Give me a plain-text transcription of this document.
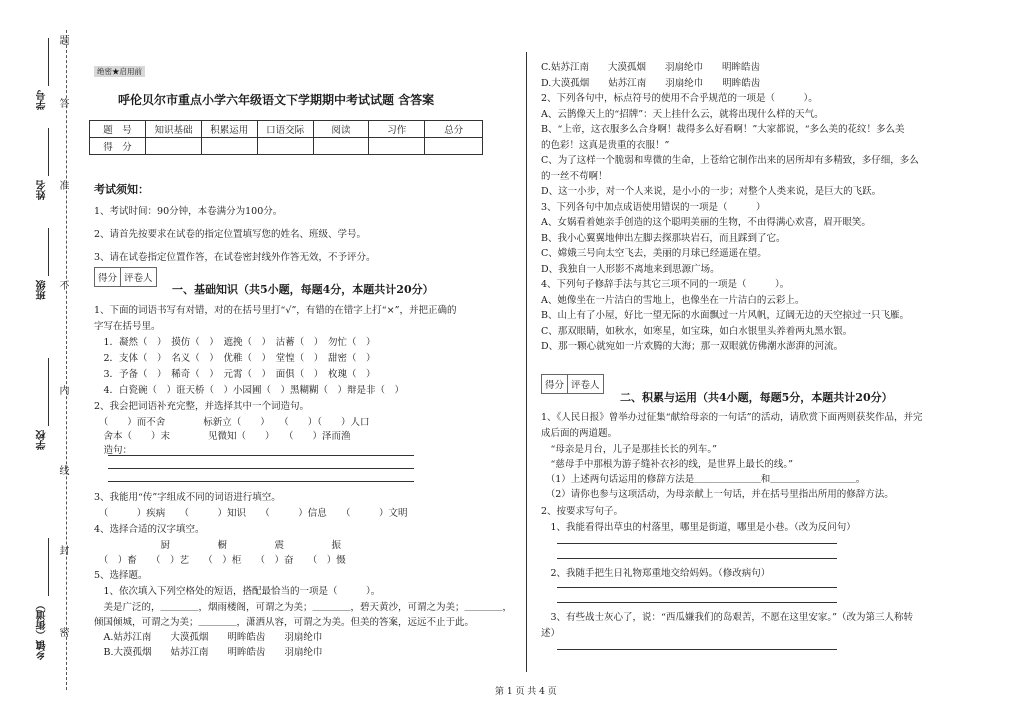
题
答
准
不
内
线
封
密
学号
姓名
班级
学校
乡镇（街道）
绝密★启用前
呼伦贝尔市重点小学六年级语文下学期期中考试试题 含答案
题　号	知识基础	积累运用	口语交际	阅读	习作	总分
得　分						
考试须知：
1、考试时间：90分钟，本卷满分为100分。
2、请首先按要求在试卷的指定位置填写您的姓名、班级、学号。
3、请在试卷指定位置作答，在试卷密封线外作答无效，不予评分。
得分 评卷人
一、基础知识（共5小题，每题4分，本题共计20分）
1、下面的词语书写有对错，对的在括号里打“√”，有错的在错字上打“×”，并把正确的
字写在括号里。
　1．凝然（　）　摸仿（　）　遮挽（　）　沽蓄（　）　勿忙（　）
　2．支体（　）　名义（　）　优稚（　）　堂惶（　）　甜密（　）
　3．予备（　）　稀奇（　）　元霄（　）　面俱（　）　枚瑰（　）
　4．白瓷碗（　）诳天桥（　）小园圃（　）黑糊糊（　）辩是非（　）
2、我会把词语补充完整，并选择其中一个词造句。
　（　　）而不舍　　　　标新立（　　）　　（　　）（　　）人口
　舍本（　　）末　　　　见微知（　　）　　（　　）泽而渔
　造句：
3、我能用“传”字组成不同的词语进行填空。
　（　　　）疾病　　（　　　）知识　　（　　　）信息　　（　　　）文明
4、选择合适的汉字填空。
　　　　　　　厨　　　　　橱　　　　　震　　　　　振
　（　）畜　　（　）艺　　（　）柜　　（　）奋　　（　）慑
5、选择题。
　1、依次填入下列空格处的短语，搭配最恰当的一项是（　　　）。
　美是广泛的，＿＿＿＿，烟雨楼阁，可谓之为美；＿＿＿＿，碧天黄沙，可谓之为美；＿＿＿＿，
倾国倾城，可谓之为美；＿＿＿＿，潇洒从容，可谓之为美。但美的答案，远远不止于此。
　A.姑苏江南　　大漠孤烟　　明眸皓齿　　羽扇纶巾
　B.大漠孤烟　　姑苏江南　　明眸皓齿　　羽扇纶巾
C.姑苏江南　　大漠孤烟　　羽扇纶巾　　明眸皓齿
D.大漠孤烟　　姑苏江南　　羽扇纶巾　　明眸皓齿
2、下列各句中，标点符号的使用不合乎规范的一项是（　　　）。
A、云鹊像天上的“招牌”：天上挂什么云，就将出现什么样的天气。
B、“上帝，这衣服多么合身啊！裁得多么好看啊！”大家都说，“多么美的花纹！多么美
的色彩！这真是贵重的衣服！”
C、为了这样一个脆弱和卑微的生命，上苍给它制作出来的居所却有多精致，多仔细，多么
的一丝不苟啊！
D、这一小步，对一个人来说，是小小的一步；对整个人类来说，是巨大的飞跃。
3、下列各句中加点成语使用错误的一项是（　　　）
A、女娲看着她亲手创造的这个聪明美丽的生物，不由得满心欢喜，眉开眼笑。
B、我小心翼翼地伸出左脚去探那块岩石，而且踩到了它。
C、嫦娥三号向太空飞去，美丽的月球已经遥遥在望。
D、我独自一人形影不离地来到思源广场。
4、下列句子修辞手法与其它三项不同的一项是（　　　）。
A、她像坐在一片洁白的雪地上，也像坐在一片洁白的云彩上。
B、山上有了小屋，好比一望无际的水面飘过一片风帆，辽阔无边的天空掠过一只飞雁。
C、那双眼睛，如秋水，如寒星，如宝珠，如白水银里头养着两丸黑水银。
D、那一颗心就宛如一片欢腾的大海；那一双眼就仿佛潮水澎湃的河流。
得分 评卷人
二、积累与运用（共4小题，每题5分，本题共计20分）
1、《人民日报》曾举办过征集“献给母亲的一句话”的活动，请欣赏下面两则获奖作品，并完
成后面的两道题。
　“母亲是月台，儿子是那挂长长的列车。”
　“慈母手中那根为游子缝补衣衫的线，是世界上最长的线。”
　（1）上述两句话运用的修辞方法是＿＿＿＿＿＿＿和＿＿＿＿＿＿＿＿＿。
　（2）请你也参与这项活动，为母亲献上一句话，并在括号里指出所用的修辞方法。
2、按要求写句子。
　1、我能看得出草虫的村落里，哪里是街道，哪里是小巷。（改为反问句）
　2、我随手把生日礼物郑重地交给妈妈。（修改病句）
　3、有些战士灰心了，说：“西瓜嫌我们的岛艰苦，不愿在这里安家。”（改为第三人称转
述）
第 1 页 共 4 页
